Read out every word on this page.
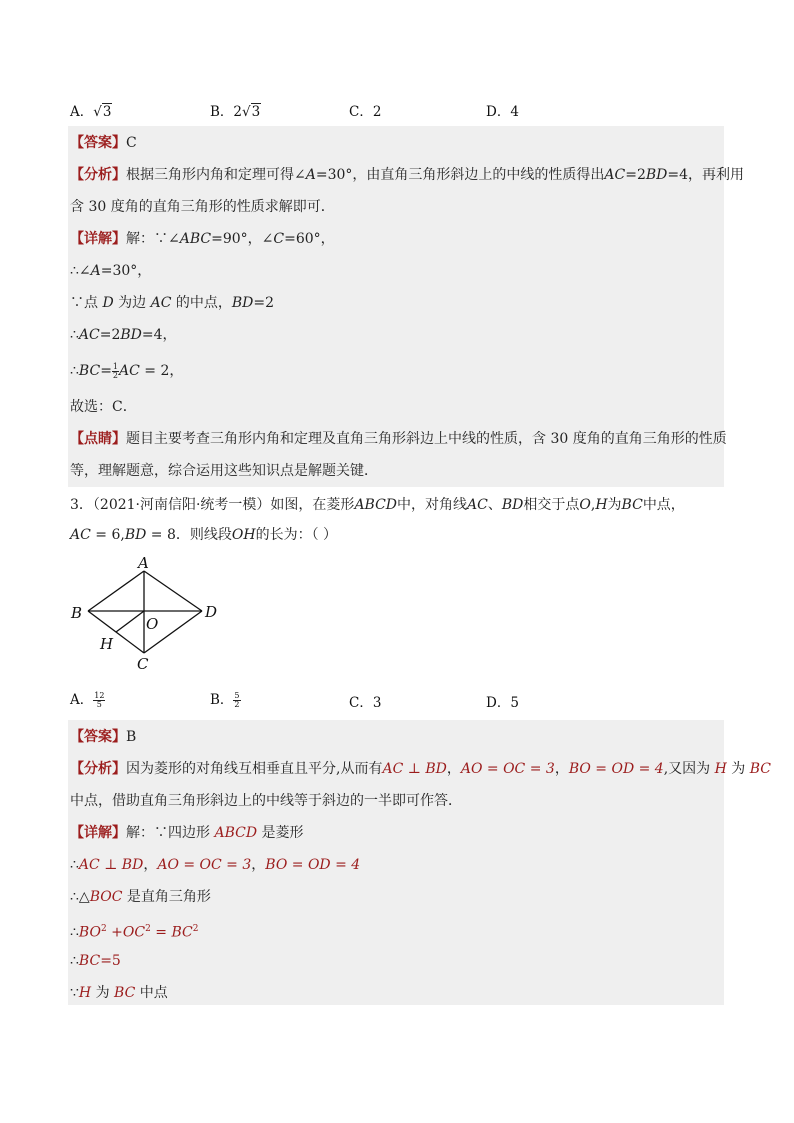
A．√3	B．2√3	C．2	D．4
【答案】C
【分析】根据三角形内角和定理可得∠A=30°，由直角三角形斜边上的中线的性质得出AC=2BD=4，再利用
含 30 度角的直角三角形的性质求解即可．
【详解】解：∵∠ABC=90°，∠C=60°，
∴∠A=30°，
∵点 D 为边 AC 的中点，BD=2
∴AC=2BD=4，
∴BC= $\frac{1}{2}$ AC = 2，
故选：C．
【点睛】题目主要考查三角形内角和定理及直角三角形斜边上中线的性质，含 30 度角的直角三角形的性质
等，理解题意，综合运用这些知识点是解题关键．
3．（2021·河南信阳·统考一模）如图，在菱形ABCD中，对角线AC、BD相交于点O,H为BC中点，
AC = 6,BD = 8．则线段OH的长为：（ ）
A
B	D
C
O
H
A． $\frac{12}{5}$	B． $\frac{5}{2}$	C．3	D．5
【答案】B
【分析】因为菱形的对角线互相垂直且平分,从而有AC ⊥ BD，AO = OC = 3，BO = OD = 4,又因为 H 为 BC
中点，借助直角三角形斜边上的中线等于斜边的一半即可作答．
【详解】解：∵四边形 ABCD 是菱形
∴AC ⊥ BD，AO = OC = 3，BO = OD = 4
∴△BOC 是直角三角形
$\therefore BO^2 +OC^2 = BC^2$
∴BC=5
∵H 为 BC 中点
